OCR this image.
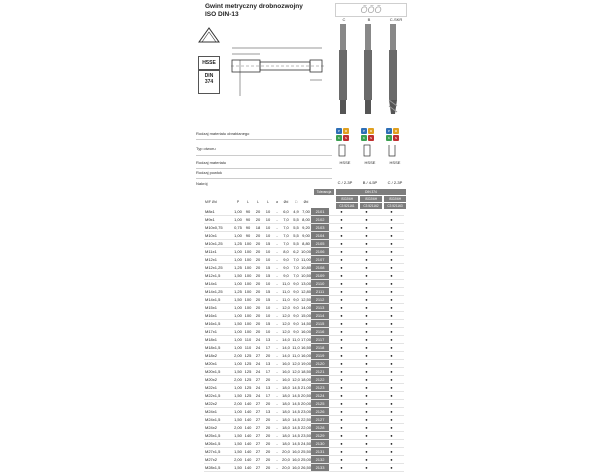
Gwint metryczny drobnozwojny
ISO DIN-13	ÕÕÕ
C	B	C-SKR
HSSE
DIN
374
Rodzaj materiału obrabianego
Typ otworu
Rodzaj materiału
Rodzaj powłok
Nakrój
P	M
K	N
P	M
K	N
P	M
K	N
HSSE	HSSE	HSSE
C / 2-3P	B / 4-5P	C / 2-3P
Tolerancja	DIN 374
ISO2/6H	ISO2/6H	ISO2/6H
C3 521161	C3 521162	C3 521163
M/F Ød	P	L	L	L	a	Ød	□	Ød				
M8x1	1,00	90	20	10	-	6,0	4,9	7,00	2101	●	●	●
M9x1	1,00	90	20	10	-	7,0	5,5	8,00	2102	●	●	●
M10x0,75	0,75	90	18	10	-	7,0	5,5	9,20	2103	●	●	●
M10x1	1,00	90	20	10	-	7,0	5,5	9,00	2104	●	●	●
M10x1,25	1,25	100	20	15	-	7,0	5,5	8,80	2105	●	●	●
M11x1	1,00	100	20	10	-	8,0	6,2	10,00	2106	●	●	●
M12x1	1,00	100	20	10	-	9,0	7,0	11,00	2107	●	●	●
M12x1,25	1,25	100	20	15	-	9,0	7,0	10,80	2108	●	●	●
M12x1,5	1,50	100	20	15	-	9,0	7,0	10,50	2109	●	●	●
M14x1	1,00	100	20	10	-	11,0	9,0	13,00	2110	●	●	●
M14x1,25	1,25	100	20	15	-	11,0	9,0	12,80	2111	●	●	●
M14x1,5	1,50	100	20	15	-	11,0	9,0	12,50	2112	●	●	●
M15x1	1,00	100	20	10	-	12,0	9,0	14,00	2113	●	●	●
M16x1	1,00	100	20	10	-	12,0	9,0	15,00	2114	●	●	●
M16x1,5	1,50	100	20	15	-	12,0	9,0	14,50	2115	●	●	●
M17x1	1,00	100	20	10	-	12,0	9,0	16,00	2116	●	●	●
M18x1	1,00	110	24	13	-	14,0	11,0	17,00	2117	●	●	●
M18x1,5	1,00	110	24	17	-	14,0	11,0	16,50	2118	●	●	●
M18x2	2,00	125	27	20	-	14,0	11,0	16,00	2119	●	●	●
M20x1	1,00	125	24	13	-	16,0	12,0	19,00	2120	●	●	●
M20x1,5	1,50	125	24	17	-	16,0	12,0	18,50	2121	●	●	●
M20x2	2,00	125	27	20	-	16,0	12,0	18,00	2122	●	●	●
M22x1	1,00	125	24	13	-	18,0	14,5	21,00	2123	●	●	●
M22x1,5	1,50	125	24	17	-	18,0	14,5	20,50	2124	●	●	●
M22x2	2,00	140	27	20	-	18,0	14,5	20,00	2125	●	●	●
M24x1	1,00	140	27	13	-	18,0	14,5	23,00	2126	●	●	●
M24x1,5	1,50	140	27	20	-	18,0	14,5	22,50	2127	●	●	●
M24x2	2,00	140	27	20	-	18,0	14,5	22,00	2128	●	●	●
M25x1,5	1,50	140	27	20	-	18,0	14,5	23,50	2129	●	●	●
M26x1,5	1,50	140	27	20	-	18,0	14,5	24,50	2130	●	●	●
M27x1,5	1,50	140	27	20	-	20,0	16,0	25,50	2131	●	●	●
M27x2	2,00	140	27	20	-	20,0	16,0	25,00	2132	●	●	●
M28x1,5	1,50	140	27	20	-	20,0	16,0	26,50	2133	●	●	●
